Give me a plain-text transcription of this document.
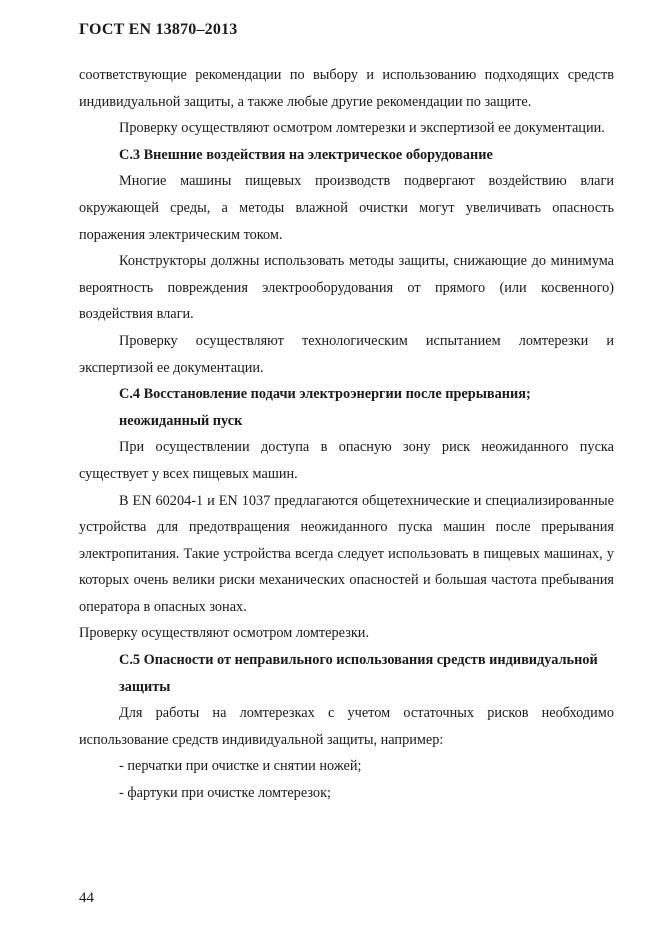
ГОСТ EN 13870–2013

соответствующие рекомендации по выбору и использованию подходящих средств индивидуальной защиты, а также любые другие рекомендации по защите.

Проверку осуществляют осмотром ломтерезки и экспертизой ее документации.

С.3 Внешние воздействия на электрическое оборудование

Многие машины пищевых производств подвергают воздействию влаги окружающей среды, а методы влажной очистки могут увеличивать опасность поражения электрическим током.

Конструкторы должны использовать методы защиты, снижающие до минимума вероятность повреждения электрооборудования от прямого (или косвенного) воздействия влаги.

Проверку осуществляют технологическим испытанием ломтерезки и экспертизой ее документации.

С.4 Восстановление подачи электроэнергии после прерывания; неожиданный пуск

При осуществлении доступа в опасную зону риск неожиданного пуска существует у всех пищевых машин.

В EN 60204-1 и EN 1037 предлагаются общетехнические и специализированные устройства для предотвращения неожиданного пуска машин после прерывания электропитания. Такие устройства всегда следует использовать в пищевых машинах, у которых очень велики риски механических опасностей и большая частота пребывания оператора в опасных зонах.

Проверку осуществляют осмотром ломтерезки.

С.5 Опасности от неправильного использования средств индивидуальной защиты

Для работы на ломтерезках с учетом остаточных рисков необходимо использование средств индивидуальной защиты, например:

- перчатки при очистке и снятии ножей;

- фартуки при очистке ломтерезок;

44
